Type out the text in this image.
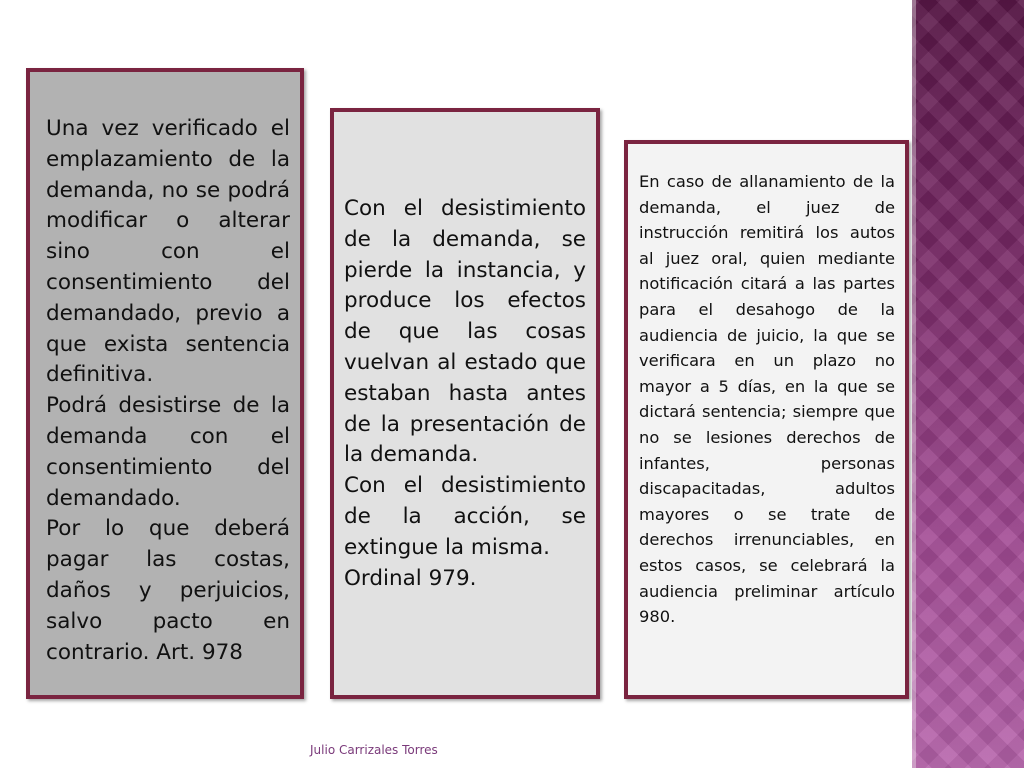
Una vez verificado el emplazamiento de la demanda, no se podrá modificar o alterar sino con el consentimiento del demandado, previo a que exista sentencia definitiva.

Podrá desistirse de la demanda con el consentimiento del demandado.

Por lo que deberá pagar las costas, daños y perjuicios, salvo pacto en contrario. Art. 978

Con el desistimiento de la demanda, se pierde la instancia, y produce los efectos de que las cosas vuelvan al estado que estaban hasta antes de la presentación de la demanda.

Con el desistimiento de la acción, se extingue la misma.

Ordinal 979.

En caso de allanamiento de la demanda, el juez de instrucción remitirá los autos al juez oral, quien mediante notificación citará a las partes para el desahogo de la audiencia de juicio, la que se verificara en un plazo no mayor a 5 días, en la que se dictará sentencia; siempre que no se lesiones derechos de infantes, personas discapacitadas, adultos mayores o se trate de derechos irrenunciables, en estos casos, se celebrará la audiencia preliminar artículo 980.

Julio Carrizales Torres
